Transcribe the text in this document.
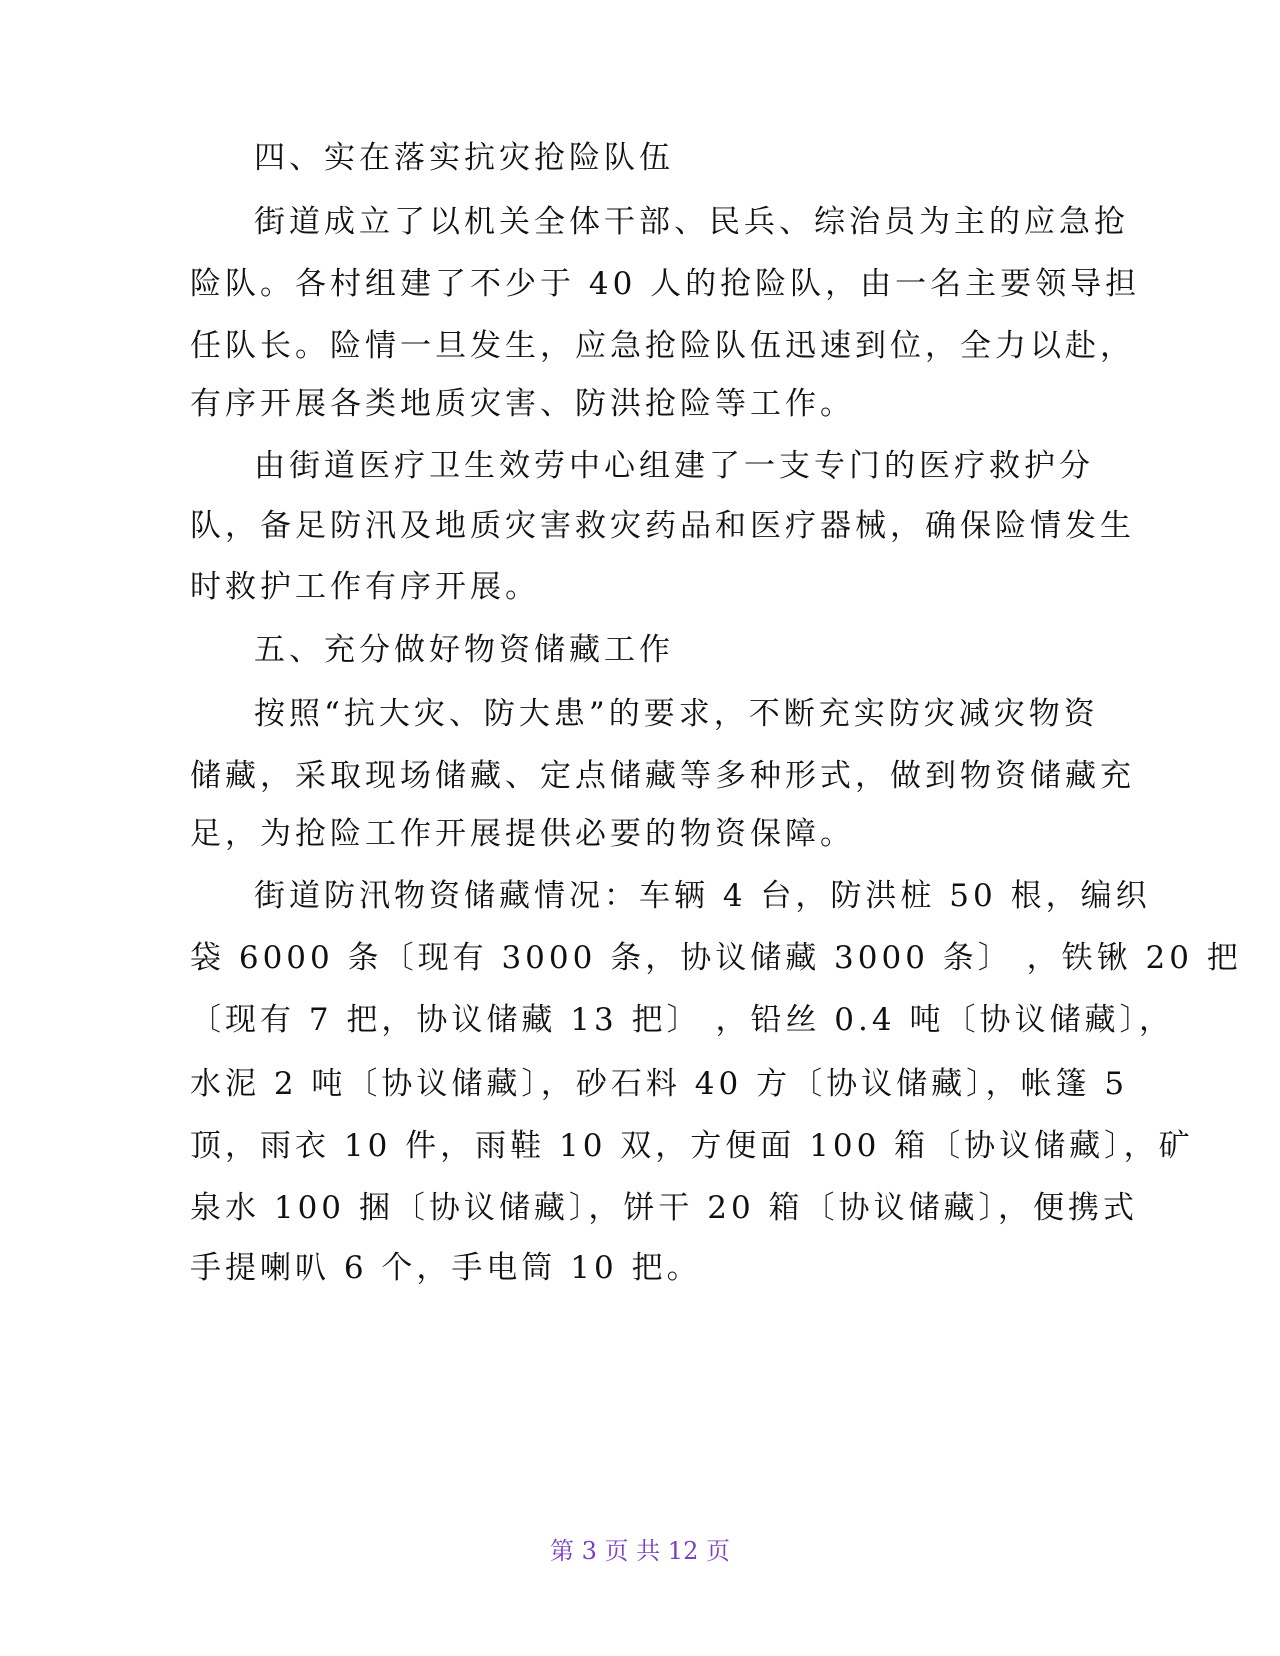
四、实在落实抗灾抢险队伍
街道成立了以机关全体干部、民兵、综治员为主的应急抢
险队。各村组建了不少于 40 人的抢险队，由一名主要领导担
任队长。险情一旦发生，应急抢险队伍迅速到位，全力以赴，
有序开展各类地质灾害、防洪抢险等工作。
由街道医疗卫生效劳中心组建了一支专门的医疗救护分
队，备足防汛及地质灾害救灾药品和医疗器械，确保险情发生
时救护工作有序开展。
五、充分做好物资储藏工作
按照“抗大灾、防大患”的要求，不断充实防灾减灾物资
储藏，采取现场储藏、定点储藏等多种形式，做到物资储藏充
足，为抢险工作开展提供必要的物资保障。
街道防汛物资储藏情况：车辆 4 台，防洪桩 50 根，编织
袋 6000 条〔现有 3000 条，协议储藏 3000 条〕 ，铁锹 20 把
〔现有 7 把，协议储藏 13 把〕 ，铅丝 0.4 吨〔协议储藏〕，
水泥 2 吨〔协议储藏〕，砂石料 40 方〔协议储藏〕，帐篷 5
顶，雨衣 10 件，雨鞋 10 双，方便面 100 箱〔协议储藏〕，矿
泉水 100 捆〔协议储藏〕，饼干 20 箱〔协议储藏〕，便携式
手提喇叭 6 个，手电筒 10 把。
第 3 页 共 12 页
